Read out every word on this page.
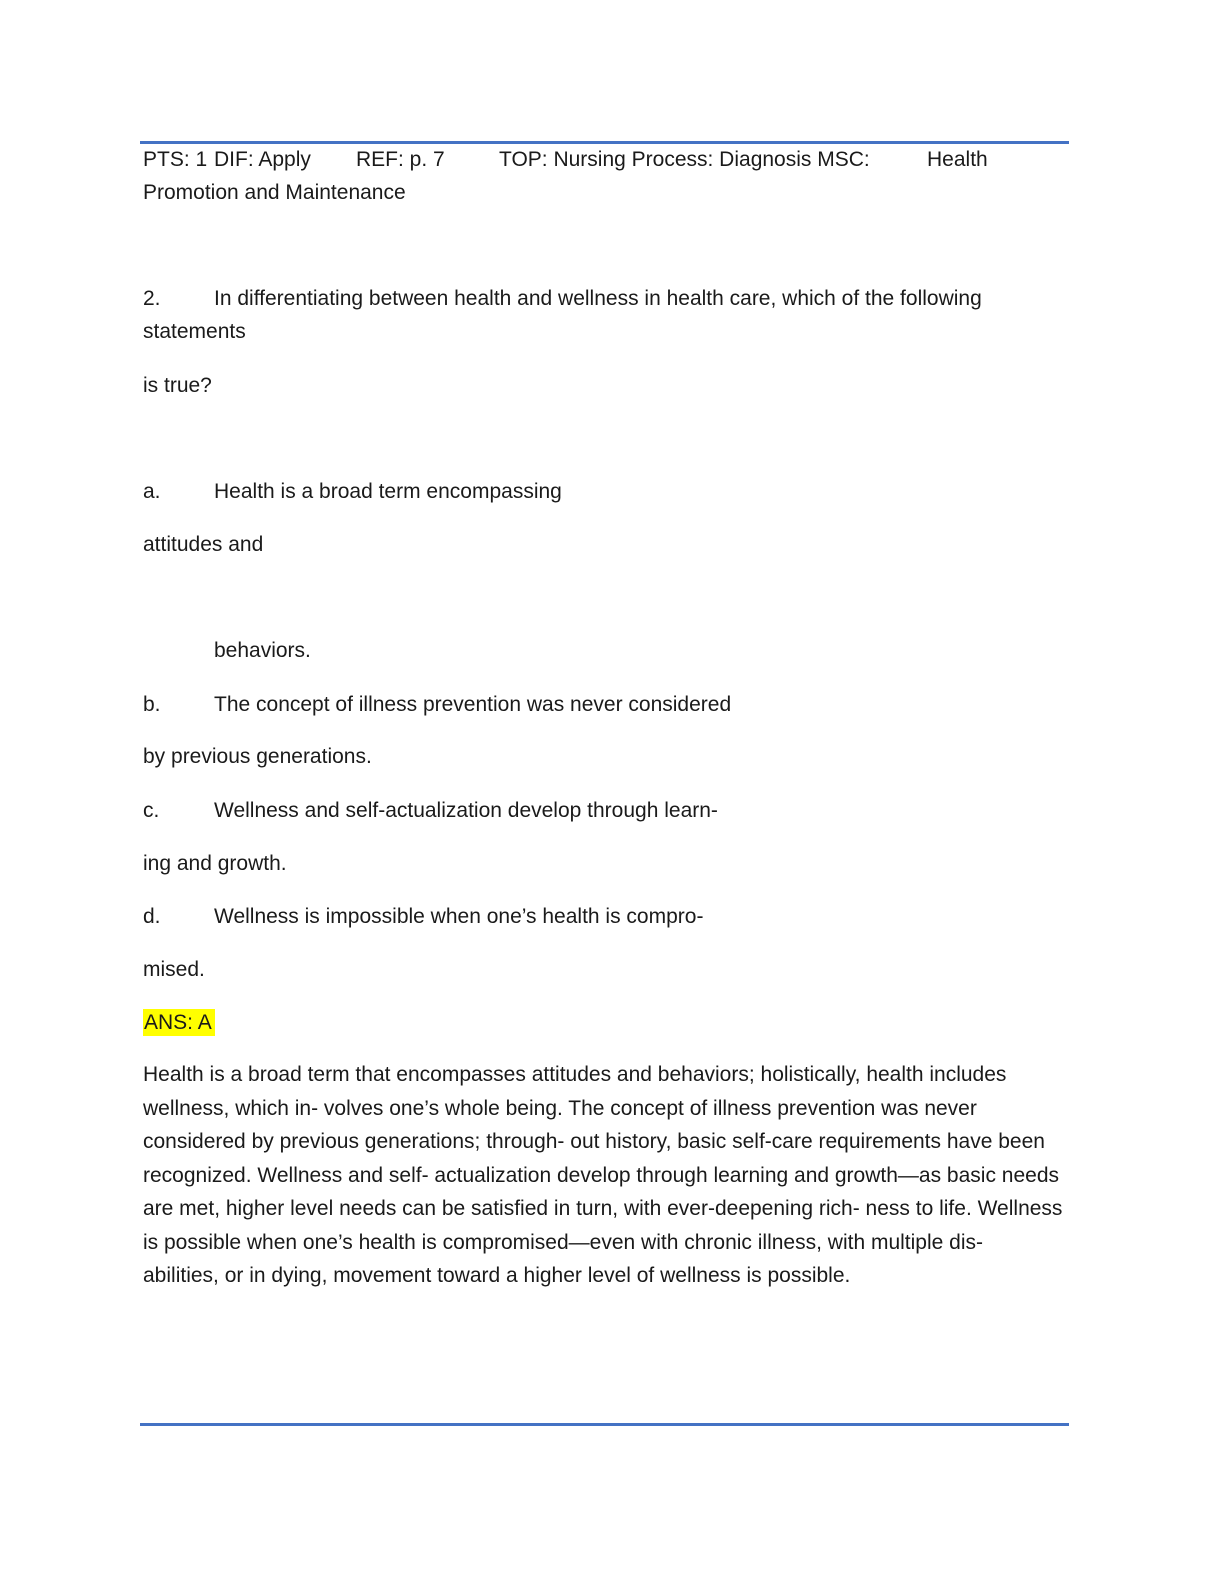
PTS: 1 DIF: Apply REF: p. 7	TOP: Nursing Process: Diagnosis MSC:	Health
Promotion and Maintenance
2.	In differentiating between health and wellness in health care, which of the following
statements
is true?
a.	Health is a broad term encompassing
attitudes and
behaviors.
b.	The concept of illness prevention was never considered
by previous generations.
c.	Wellness and self-actualization develop through learn-
ing and growth.
d.	Wellness is impossible when one’s health is compro-
mised.
ANS: A
Health is a broad term that encompasses attitudes and behaviors; holistically, health includes wellness, which in- volves one’s whole being. The concept of illness prevention was never considered by previous generations; through- out history, basic self-care requirements have been recognized. Wellness and self- actualization develop through learning and growth—as basic needs are met, higher level needs can be satisfied in turn, with ever-deepening rich- ness to life. Wellness is possible when one’s health is compromised—even with chronic illness, with multiple dis- abilities, or in dying, movement toward a higher level of wellness is possible.
